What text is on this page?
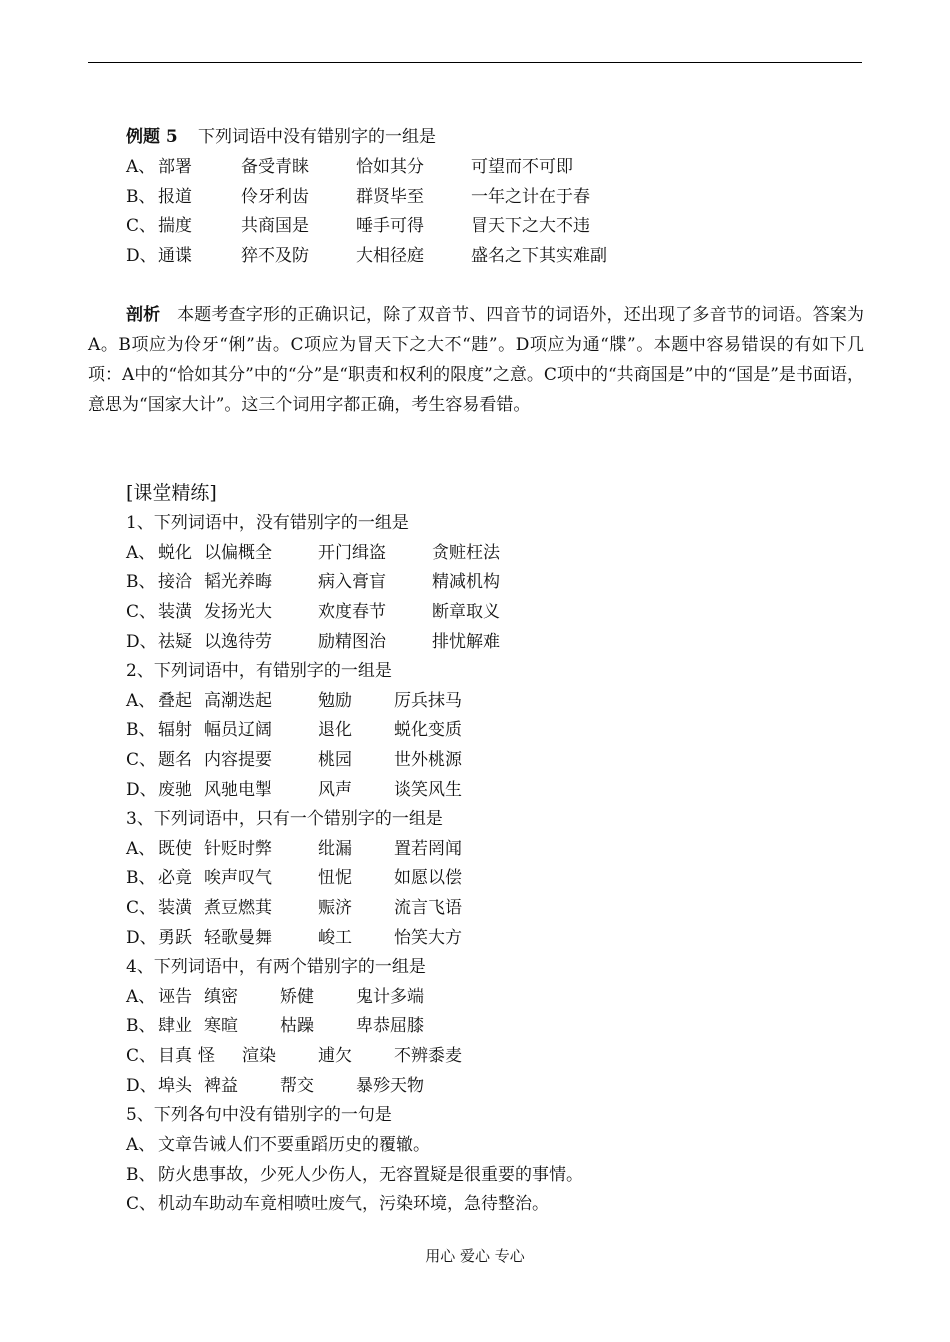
例题 5 下列词语中没有错别字的一组是
A、 部署	备受青睐	恰如其分	可望而不可即
B、 报道	伶牙利齿	群贤毕至	一年之计在于春
C、 揣度	共商国是	唾手可得	冒天下之大不违
D、 通谍	猝不及防	大相径庭	盛名之下其实难副
剖析 本题考查字形的正确识记，除了双音节、四音节的词语外，还出现了多音节的词语。答案为A。B项应为伶牙“俐”齿。C项应为冒天下之大不“韪”。D项应为通“牒”。本题中容易错误的有如下几项：A中的“恰如其分”中的“分”是“职责和权利的限度”之意。C项中的“共商国是”中的“国是”是书面语，意思为“国家大计”。这三个词用字都正确，考生容易看错。
[课堂精练]
1、下列词语中，没有错别字的一组是
A、 蜕化 以偏概全	开门缉盗	贪赃枉法
B、 接洽 韬光养晦	病入膏盲	精减机构
C、 装潢 发扬光大	欢度春节	断章取义
D、 祛疑 以逸待劳	励精图治	排忧解难
2、下列词语中，有错别字的一组是
A、 叠起 高潮迭起	勉励 厉兵抹马
B、 辐射 幅员辽阔	退化 蜕化变质
C、 题名 内容提要	桃园 世外桃源
D、 废驰 风驰电掣	风声 谈笑风生
3、下列词语中，只有一个错别字的一组是
A、 既使 针贬时弊	纰漏 置若罔闻
B、 必竟 唉声叹气	忸怩 如愿以偿
C、 装潢 煮豆燃萁	赈济 流言飞语
D、 勇跃 轻歌曼舞	峻工 怡笑大方
4、下列词语中，有两个错别字的一组是
A、 诬告 缜密 矫健 鬼计多端
B、 肆业 寒暄 枯躁 卑恭屈膝
C、 目真 怪 渲染 逋欠 不辨黍麦
D、 埠头 裨益 帮交 暴殄天物
5、下列各句中没有错别字的一句是
A、 文章告诫人们不要重蹈历史的覆辙。
B、 防火患事故，少死人少伤人，无容置疑是很重要的事情。
C、 机动车助动车竟相喷吐废气，污染环境，急待整治。
用心 爱心 专心
